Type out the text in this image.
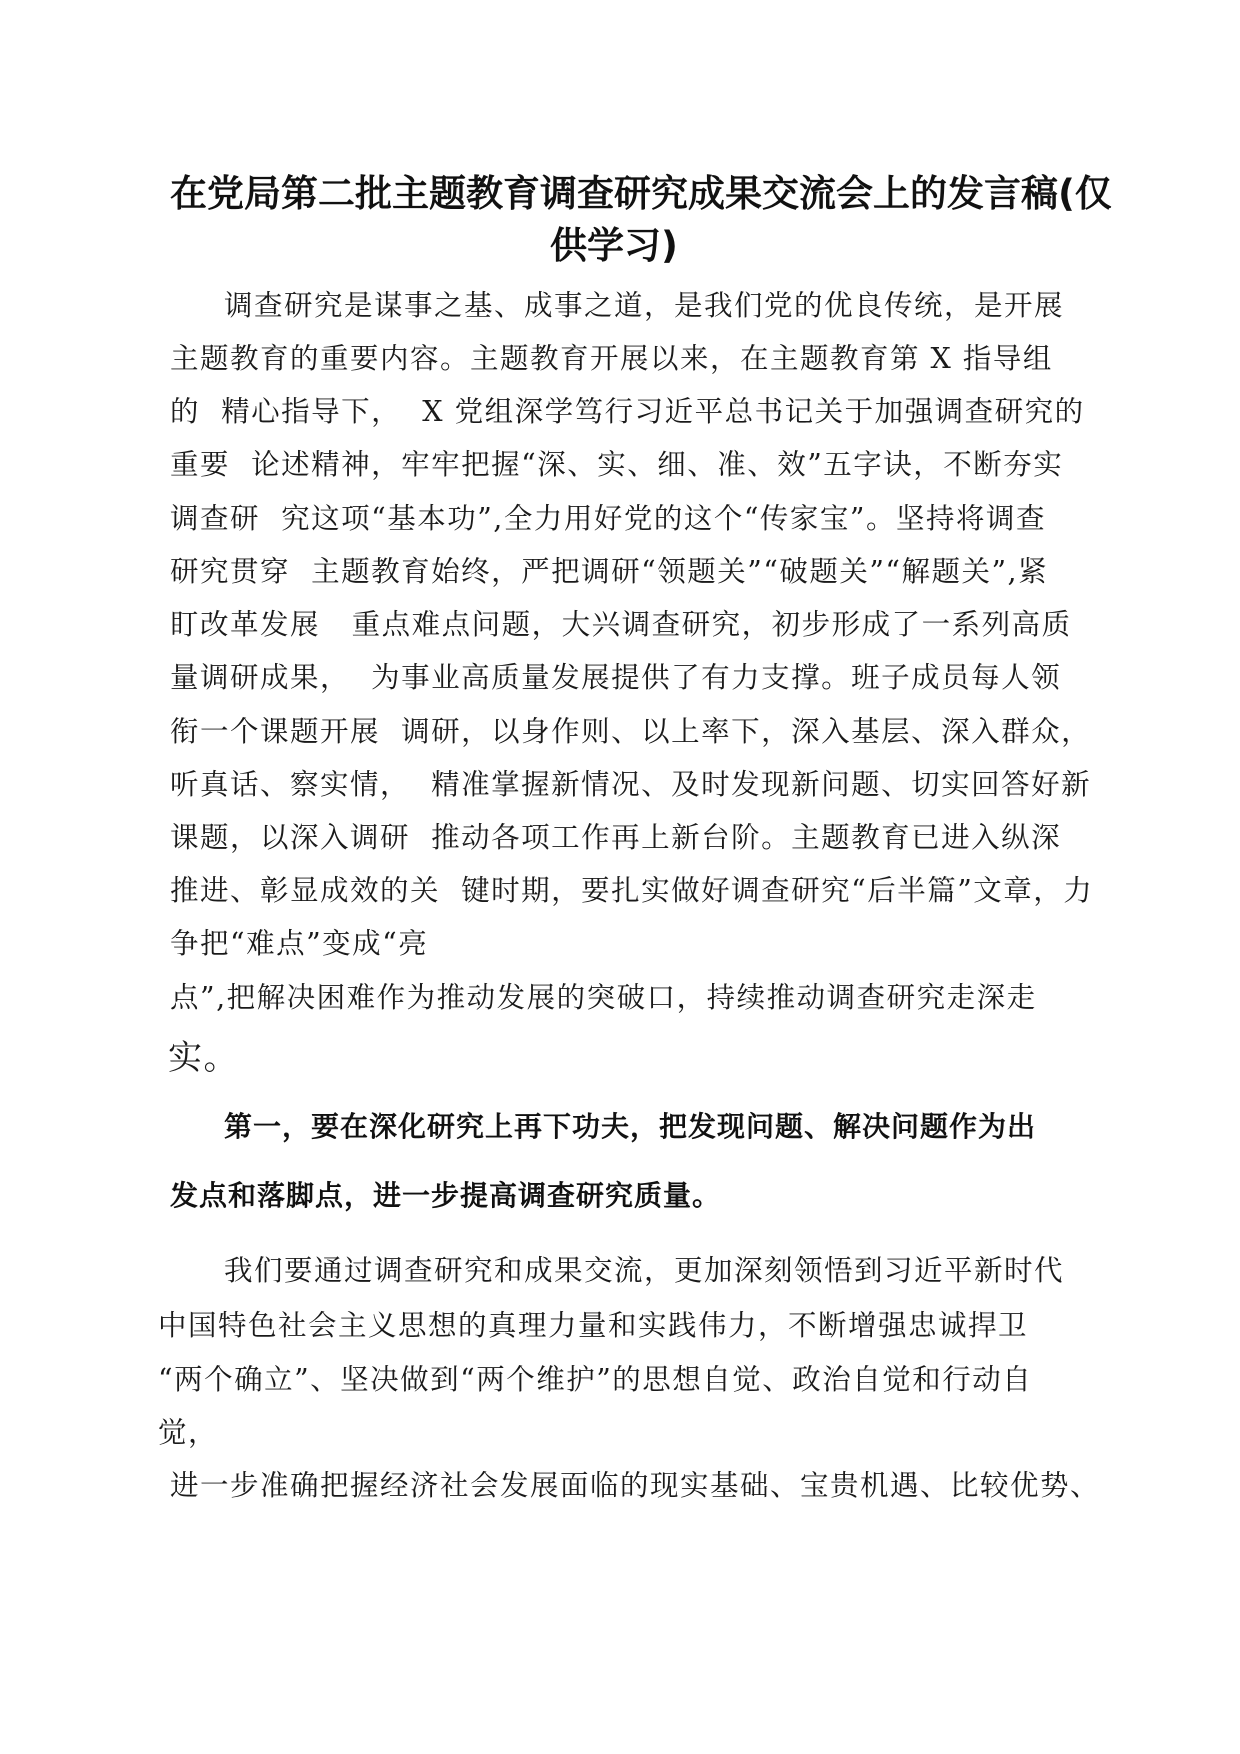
在党局第二批主题教育调查研究成果交流会上的发言稿(仅
供学习)
调查研究是谋事之基、成事之道，是我们党的优良传统，是开展
主题教育的重要内容。主题教育开展以来，在主题教育第 X 指导组
的  精心指导下，  X 党组深学笃行习近平总书记关于加强调查研究的
重要  论述精神，牢牢把握“深、实、细、准、效”五字诀，不断夯实
调查研  究这项“基本功”,全力用好党的这个“传家宝”。坚持将调查
研究贯穿  主题教育始终，严把调研“领题关”“破题关”“解题关”,紧
盯改革发展   重点难点问题，大兴调查研究，初步形成了一系列高质
量调研成果，  为事业高质量发展提供了有力支撑。班子成员每人领
衔一个课题开展  调研，以身作则、以上率下，深入基层、深入群众，
听真话、察实情，  精准掌握新情况、及时发现新问题、切实回答好新
课题，以深入调研  推动各项工作再上新台阶。主题教育已进入纵深
推进、彰显成效的关  键时期，要扎实做好调查研究“后半篇”文章，力
争把“难点”变成“亮
点”,把解决困难作为推动发展的突破口，持续推动调查研究走深走
实。
第一，要在深化研究上再下功夫，把发现问题、解决问题作为出
发点和落脚点，进一步提高调查研究质量。
我们要通过调查研究和成果交流，更加深刻领悟到习近平新时代
中国特色社会主义思想的真理力量和实践伟力，不断增强忠诚捍卫
“两个确立”、坚决做到“两个维护”的思想自觉、政治自觉和行动自
觉，
进一步准确把握经济社会发展面临的现实基础、宝贵机遇、比较优势、
